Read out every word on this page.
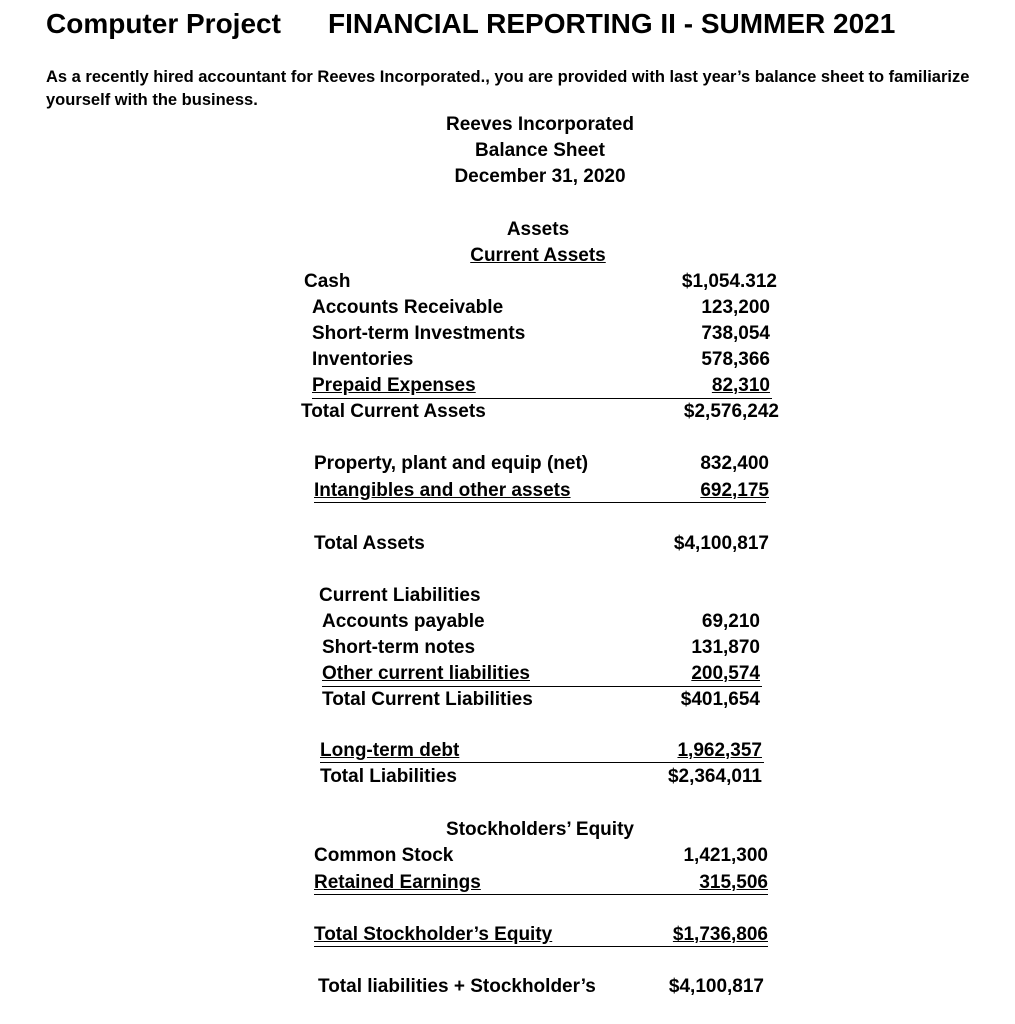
Computer Project FINANCIAL REPORTING II - SUMMER 2021
As a recently hired accountant for Reeves Incorporated., you are provided with last year’s balance sheet to familiarize yourself with the business.
Reeves Incorporated
Balance Sheet
December 31, 2020
Assets
Current Assets
Cash	$1,054.312
Accounts Receivable	123,200
Short-term Investments	738,054
Inventories	578,366
Prepaid Expenses	82,310
Total Current Assets	$2,576,242
Property, plant and equip (net)	832,400
Intangibles and other assets	692,175
Total Assets	$4,100,817
Current Liabilities
Accounts payable	69,210
Short-term notes	131,870
Other current liabilities	200,574
Total Current Liabilities	$401,654
Long-term debt	1,962,357
Total Liabilities	$2,364,011
Stockholders’ Equity
Common Stock	1,421,300
Retained Earnings	315,506
Total Stockholder’s Equity	$1,736,806
Total liabilities + Stockholder’s	$4,100,817
